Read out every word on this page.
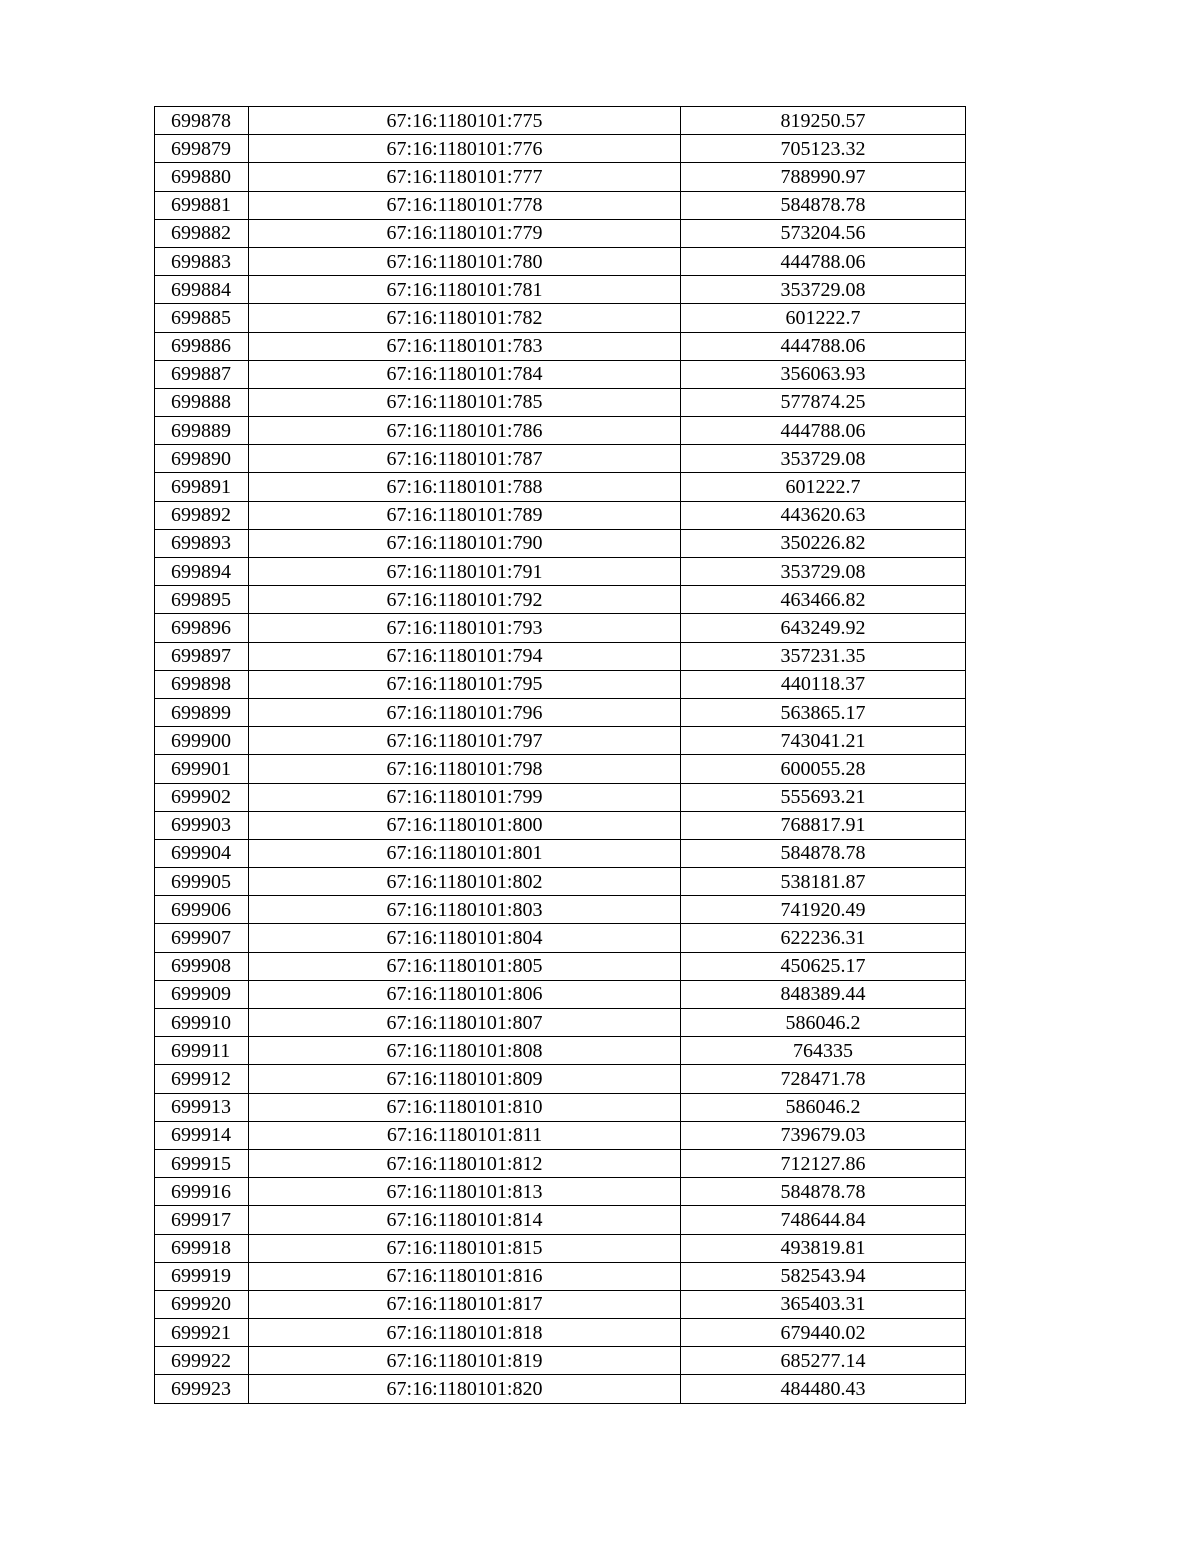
699878	67:16:1180101:775	819250.57
699879	67:16:1180101:776	705123.32
699880	67:16:1180101:777	788990.97
699881	67:16:1180101:778	584878.78
699882	67:16:1180101:779	573204.56
699883	67:16:1180101:780	444788.06
699884	67:16:1180101:781	353729.08
699885	67:16:1180101:782	601222.7
699886	67:16:1180101:783	444788.06
699887	67:16:1180101:784	356063.93
699888	67:16:1180101:785	577874.25
699889	67:16:1180101:786	444788.06
699890	67:16:1180101:787	353729.08
699891	67:16:1180101:788	601222.7
699892	67:16:1180101:789	443620.63
699893	67:16:1180101:790	350226.82
699894	67:16:1180101:791	353729.08
699895	67:16:1180101:792	463466.82
699896	67:16:1180101:793	643249.92
699897	67:16:1180101:794	357231.35
699898	67:16:1180101:795	440118.37
699899	67:16:1180101:796	563865.17
699900	67:16:1180101:797	743041.21
699901	67:16:1180101:798	600055.28
699902	67:16:1180101:799	555693.21
699903	67:16:1180101:800	768817.91
699904	67:16:1180101:801	584878.78
699905	67:16:1180101:802	538181.87
699906	67:16:1180101:803	741920.49
699907	67:16:1180101:804	622236.31
699908	67:16:1180101:805	450625.17
699909	67:16:1180101:806	848389.44
699910	67:16:1180101:807	586046.2
699911	67:16:1180101:808	764335
699912	67:16:1180101:809	728471.78
699913	67:16:1180101:810	586046.2
699914	67:16:1180101:811	739679.03
699915	67:16:1180101:812	712127.86
699916	67:16:1180101:813	584878.78
699917	67:16:1180101:814	748644.84
699918	67:16:1180101:815	493819.81
699919	67:16:1180101:816	582543.94
699920	67:16:1180101:817	365403.31
699921	67:16:1180101:818	679440.02
699922	67:16:1180101:819	685277.14
699923	67:16:1180101:820	484480.43
